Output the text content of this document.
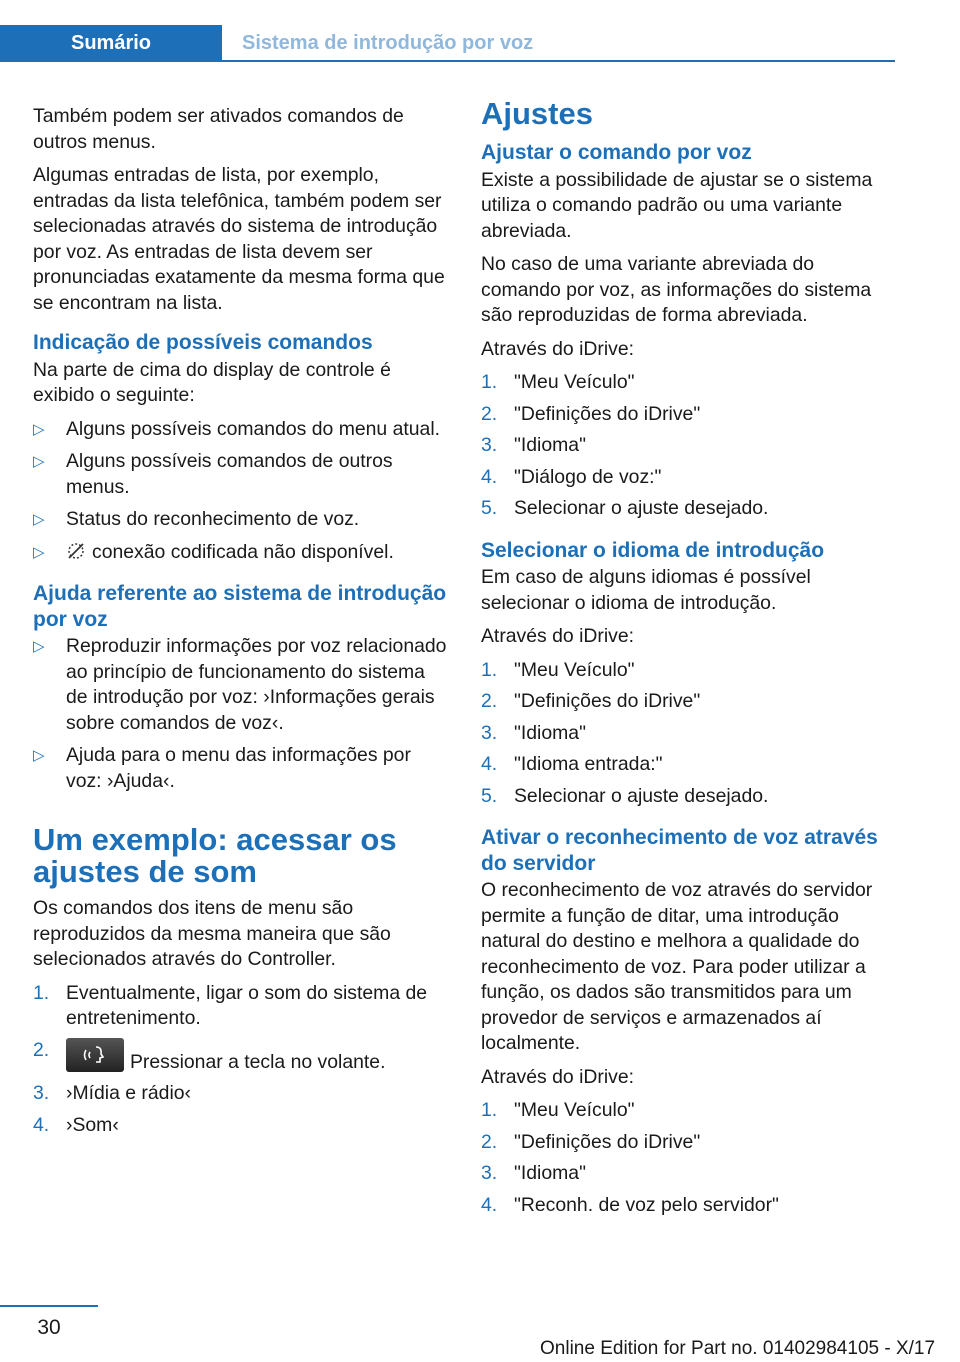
Sumário	Sistema de introdução por voz

Também podem ser ativados comandos de outros menus.

Algumas entradas de lista, por exemplo, entradas da lista telefônica, também podem ser selecionadas através do sistema de introdução por voz. As entradas de lista devem ser pronunciadas exatamente da mesma forma que se encontram na lista.

Indicação de possíveis comandos

Na parte de cima do display de controle é exibido o seguinte:

▷ Alguns possíveis comandos do menu atual.
▷ Alguns possíveis comandos de outros menus.
▷ Status do reconhecimento de voz.
▷ conexão codificada não disponível.
Ajuda referente ao sistema de introdução por voz
▷ Reproduzir informações por voz relacionado ao princípio de funcionamento do sistema de introdução por voz: ›Informações gerais sobre comandos de voz‹.
▷ Ajuda para o menu das informações por voz: ›Ajuda‹.
Um exemplo: acessar os ajustes de som

Os comandos dos itens de menu são reproduzidos da mesma maneira que são selecionados através do Controller.

1. Eventualmente, ligar o som do sistema de entretenimento.
2.
Pressionar a tecla no volante.
3. ›Mídia e rádio‹
4. ›Som‹
Ajustes
Ajustar o comando por voz

Existe a possibilidade de ajustar se o sistema utiliza o comando padrão ou uma variante abreviada.

No caso de uma variante abreviada do comando por voz, as informações do sistema são reproduzidas de forma abreviada.

Através do iDrive:

1. "Meu Veículo"
2. "Definições do iDrive"
3. "Idioma"
4. "Diálogo de voz:"
5. Selecionar o ajuste desejado.
Selecionar o idioma de introdução

Em caso de alguns idiomas é possível selecionar o idioma de introdução.

Através do iDrive:

1. "Meu Veículo"
2. "Definições do iDrive"
3. "Idioma"
4. "Idioma entrada:"
5. Selecionar o ajuste desejado.
Ativar o reconhecimento de voz através do servidor

O reconhecimento de voz através do servidor permite a função de ditar, uma introdução natural do destino e melhora a qualidade do reconhecimento de voz. Para poder utilizar a função, os dados são transmitidos para um provedor de serviços e armazenados aí localmente.

Através do iDrive:

1. "Meu Veículo"
2. "Definições do iDrive"
3. "Idioma"
4. "Reconh. de voz pelo servidor"
30
Online Edition for Part no. 01402984105 - X/17
